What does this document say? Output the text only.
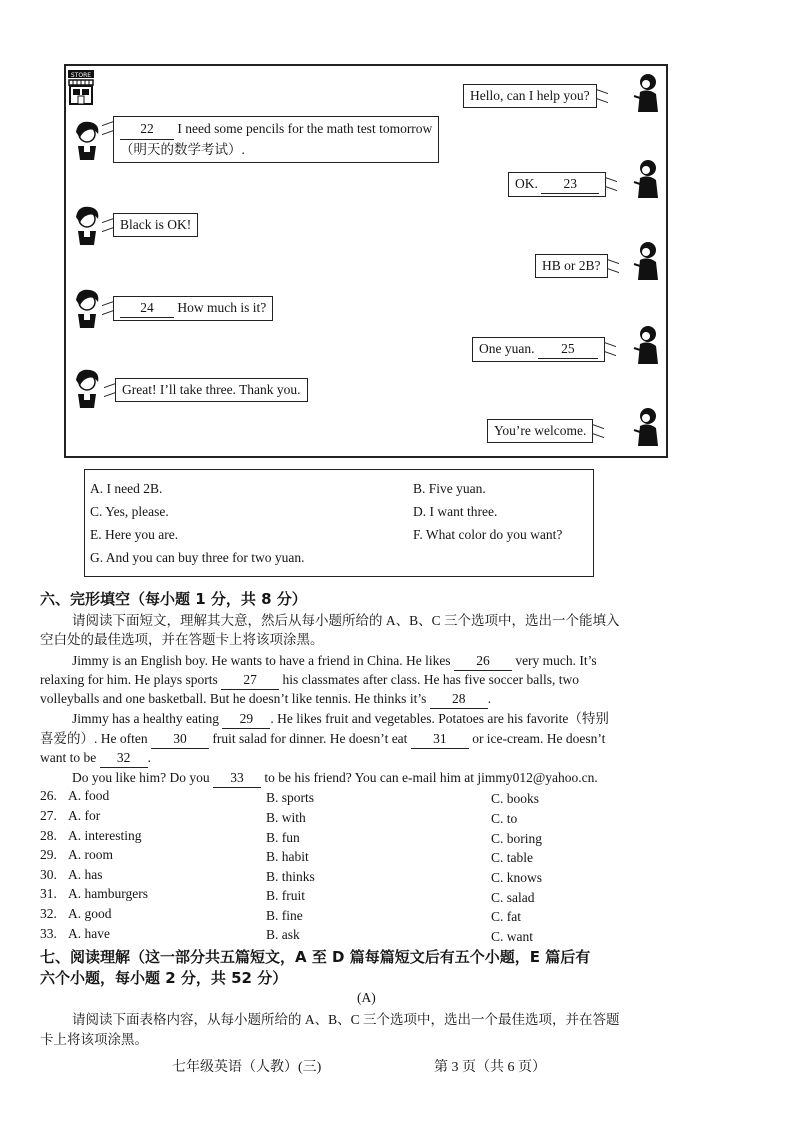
STORE
Hello, can I help you?
22 I need some pencils for the math test tomorrow
（明天的数学考试）.
OK. 23
Black is OK!
HB or 2B?
24 How much is it?
One yuan. 25
Great! I’ll take three. Thank you.
You’re welcome.
A. I need 2B.	B. Five yuan.
C. Yes, please.	D. I want three.
E. Here you are.	F. What color do you want?
G. And you can buy three for two yuan.
六、完形填空（每小题 1 分，共 8 分）
请阅读下面短文，理解其大意，然后从每小题所给的 A、B、C 三个选项中，选出一个能填入
空白处的最佳选项，并在答题卡上将该项涂黑。
Jimmy is an English boy. He wants to have a friend in China. He likes 26 very much. It’s
relaxing for him. He plays sports 27 his classmates after class. He has five soccer balls, two
volleyballs and one basketball. But he doesn’t like tennis. He thinks it’s 28 .
Jimmy has a healthy eating 29 . He likes fruit and vegetables. Potatoes are his favorite（特别
喜爱的）. He often 30 fruit salad for dinner. He doesn’t eat 31 or ice-cream. He doesn’t
want to be 32 .
Do you like him? Do you 33 to be his friend? You can e-mail him at jimmy012@yahoo.cn.
26. A. food	B. sports	C. books
27. A. for	B. with	C. to
28. A. interesting	B. fun	C. boring
29. A. room	B. habit	C. table
30. A. has	B. thinks	C. knows
31. A. hamburgers	B. fruit	C. salad
32. A. good	B. fine	C. fat
33. A. have	B. ask	C. want
七、阅读理解（这一部分共五篇短文，A 至 D 篇每篇短文后有五个小题，E 篇后有
六个小题，每小题 2 分，共 52 分）
(A)
请阅读下面表格内容，从每小题所给的 A、B、C 三个选项中，选出一个最佳选项，并在答题
卡上将该项涂黑。
七年级英语（人教）(三)	第 3 页（共 6 页）
